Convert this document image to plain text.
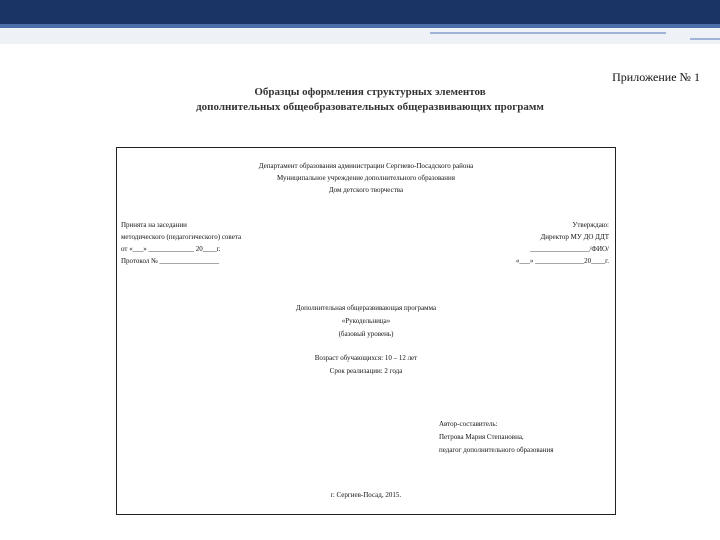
Приложение № 1
Образцы оформления структурных элементов
дополнительных общеобразовательных общеразвивающих программ
Департамент образования администрации Сергиево-Посадского района
Муниципальное учреждение дополнительного образования
Дом детского творчества
Принята на заседании
методического (педагогического) совета
от «___» _____________ 20____г.
Протокол № _________________
Утверждаю:
Директор МУ ДО ДДТ
_________________/ФИО/
«___» ______________20____г.
Дополнительная общеразвивающая программа
«Рукодельница»
(базовый уровень)
Возраст обучающихся: 10 – 12 лет
Срок реализации: 2 года
Автор-составитель:
Петрова Мария Степановна,
педагог дополнительного образования
г. Сергиев-Посад, 2015.
